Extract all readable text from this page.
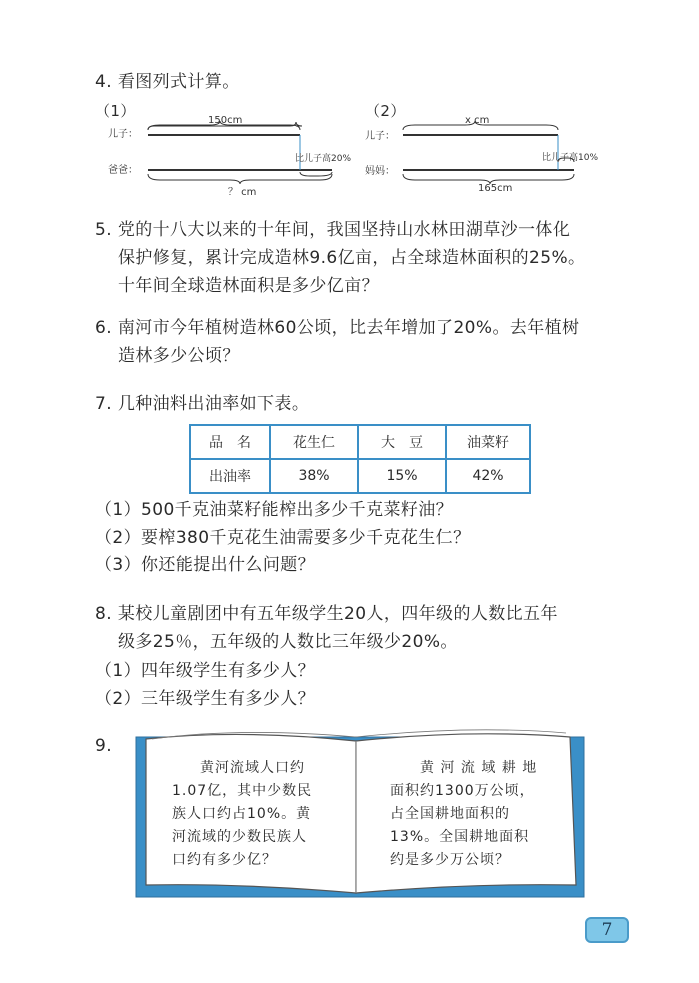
4. 看图列式计算。
（1）
儿子：
爸爸：
150cm
比儿子高20%
？ cm
（2）
儿子：
妈妈：
x cm
比儿子高10%
165cm
5. 党的十八大以来的十年间，我国坚持山水林田湖草沙一体化
保护修复，累计完成造林9.6亿亩，占全球造林面积的25%。
十年间全球造林面积是多少亿亩？
6. 南河市今年植树造林60公顷，比去年增加了20%。去年植树
造林多少公顷？
7. 几种油料出油率如下表。
品　名	花生仁	大　豆	油菜籽
出油率	38%	15%	42%
（1）500千克油菜籽能榨出多少千克菜籽油？
（2）要榨380千克花生油需要多少千克花生仁？
（3）你还能提出什么问题？
8. 某校儿童剧团中有五年级学生20人，四年级的人数比五年
级多25％，五年级的人数比三年级少20%。
（1）四年级学生有多少人？
（2）三年级学生有多少人？
9.
黄河流域人口约
1.07亿，其中少数民
族人口约占10%。黄
河流域的少数民族人
口约有多少亿？
黄 河 流 域 耕 地
面积约1300万公顷，
占全国耕地面积的
13%。全国耕地面积
约是多少万公顷？
7
